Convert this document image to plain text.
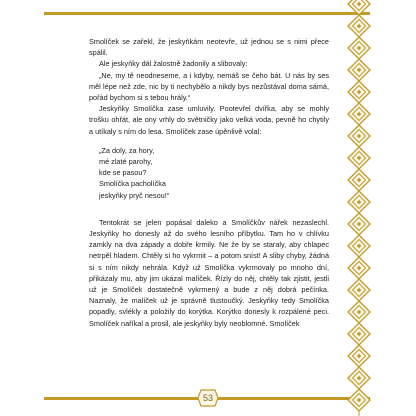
53

Smolíček se zařekl, že jeskyňkám neotevře, už jednou se s nimi přece spálil.

Ale jeskyňky dál žalostně žadonily a slibovaly:

„Ne, my tě neodneseme, a i kdyby, nemáš se čeho bát. U nás by ses měl lépe než zde, nic by ti nechybělo a nikdy bys nezůstával doma sámá, pořád bychom si s tebou hrály.“

Jeskyňky Smolíčka zase umluvily. Pootevřel dvířka, aby se mohly trošku ohřát, ale ony vrhly do světničky jako velká voda, pevně ho chytily a utíkaly s ním do lesa. Smolíček zase úpěnlivě volal:

„Za doly, za hory,
mé zlaté parohy,
kde se pasou?
Smolíčka pacholíčka
jeskyňky pryč nesou!“

Tentokrát se jelen popásal daleko a Smolíčkův nářek nezaslechl. Jeskyňky ho donesly až do svého lesního příbytku. Tam ho v chlívku zamkly na dva západy a dobře krmily. Ne že by se staraly, aby chlapec netrpěl hladem. Chtěly si ho vykrmit – a potom sníst! A sliby chyby, žádná si s ním nikdy nehrála. Když už Smolíčka vykrmovaly po mnoho dní, přikázaly mu, aby jim ukázal malíček. Řízly do něj, chtěly tak zjistit, jestli už je Smolíček dostatečně vykrmený a bude z něj dobrá pečínka. Naznaly, že malíček už je správně tlustoučký. Jeskyňky tedy Smolíčka popadly, svlékly a položily do korýtka. Korýtko donesly k rozpálené peci. Smolíček naříkal a prosil, ale jeskyňky byly neoblomné. Smolíček
